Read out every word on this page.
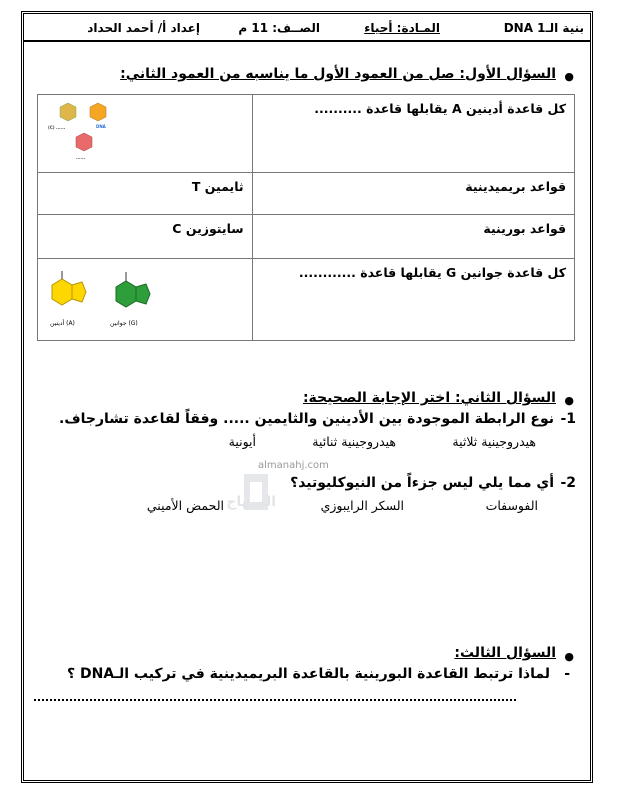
بنية الـDNA 1
المـادة: أحياء
الصــف: 11 م
إعداد أ/ أحمد الحداد
●
السؤال الأول: صل من العمود الأول ما يناسبه من العمود الثاني:
كل قاعدة أدينين A يقابلها قاعدة ..........	(C) ...... DNA
......

قواعد بريميدينية	ثايمين T
قواعد بورينية	سايتوزين C
كل قاعدة جوانين G يقابلها قاعدة ............	أدينين (A) جوانين (G)
●
السؤال الثاني: اختر الإجابة الصحيحة:
1-
نوع الرابطة الموجودة بين الأدينين والثايمين ..... وفقاً لقاعدة تشارجاف.
هيدروجينية ثلاثية
هيدروجينية ثنائية
أيونية
المنهاج
almanahj.com
2-
أي مما يلي ليس جزءاً من النيوكليوتيد؟
الفوسفات
السكر الرايبوزي
الحمض الأميني
●
السؤال الثالث:
-
لماذا ترتبط القاعدة البورينية بالقاعدة البريميدينية في تركيب الـDNA ؟
